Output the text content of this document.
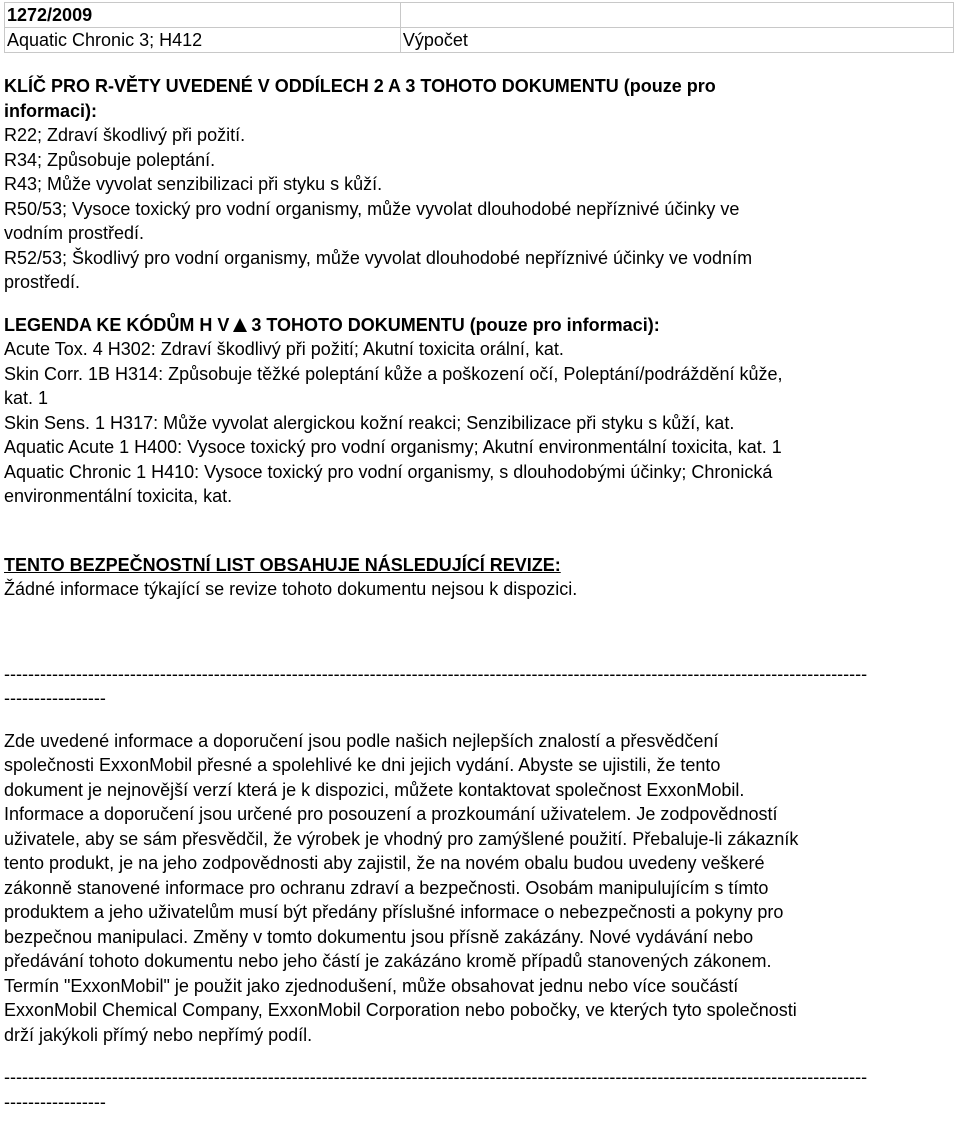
1272/2009	
Aquatic Chronic 3; H412	Výpočet
KLÍČ PRO R-VĚTY UVEDENÉ V ODDÍLECH 2 A 3 TOHOTO DOKUMENTU (pouze pro
informaci):
R22; Zdraví škodlivý při požití.
R34; Způsobuje poleptání.
R43; Může vyvolat senzibilizaci při styku s kůží.
R50/53; Vysoce toxický pro vodní organismy, může vyvolat dlouhodobé nepříznivé účinky ve
vodním prostředí.
R52/53; Škodlivý pro vodní organismy, může vyvolat dlouhodobé nepříznivé účinky ve vodním
prostředí.
LEGENDA KE KÓDŮM H V 3 TOHOTO DOKUMENTU (pouze pro informaci):
Acute Tox. 4 H302: Zdraví škodlivý při požití; Akutní toxicita orální, kat.
Skin Corr. 1B H314: Způsobuje těžké poleptání kůže a poškození očí, Poleptání/podráždění kůže,
kat. 1
Skin Sens. 1 H317: Může vyvolat alergickou kožní reakci; Senzibilizace při styku s kůží, kat.
Aquatic Acute 1 H400: Vysoce toxický pro vodní organismy; Akutní environmentální toxicita, kat. 1
Aquatic Chronic 1 H410: Vysoce toxický pro vodní organismy, s dlouhodobými účinky; Chronická
environmentální toxicita, kat.
TENTO BEZPEČNOSTNÍ LIST OBSAHUJE NÁSLEDUJÍCÍ REVIZE:
Žádné informace týkající se revize tohoto dokumentu nejsou k dispozici.
------------------------------------------------------------------------------------------------------------------------------------------------
-----------------
Zde uvedené informace a doporučení jsou podle našich nejlepších znalostí a přesvědčení
společnosti ExxonMobil přesné a spolehlivé ke dni jejich vydání. Abyste se ujistili, že tento
dokument je nejnovější verzí která je k dispozici, můžete kontaktovat společnost ExxonMobil.
Informace a doporučení jsou určené pro posouzení a prozkoumání uživatelem. Je zodpovědností
uživatele, aby se sám přesvědčil, že výrobek je vhodný pro zamýšlené použití. Přebaluje-li zákazník
tento produkt, je na jeho zodpovědnosti aby zajistil, že na novém obalu budou uvedeny veškeré
zákonně stanovené informace pro ochranu zdraví a bezpečnosti. Osobám manipulujícím s tímto
produktem a jeho uživatelům musí být předány příslušné informace o nebezpečnosti a pokyny pro
bezpečnou manipulaci. Změny v tomto dokumentu jsou přísně zakázány. Nové vydávání nebo
předávání tohoto dokumentu nebo jeho částí je zakázáno kromě případů stanovených zákonem.
Termín "ExxonMobil" je použit jako zjednodušení, může obsahovat jednu nebo více součástí
ExxonMobil Chemical Company, ExxonMobil Corporation nebo pobočky, ve kterých tyto společnosti
drží jakýkoli přímý nebo nepřímý podíl.
------------------------------------------------------------------------------------------------------------------------------------------------
-----------------
